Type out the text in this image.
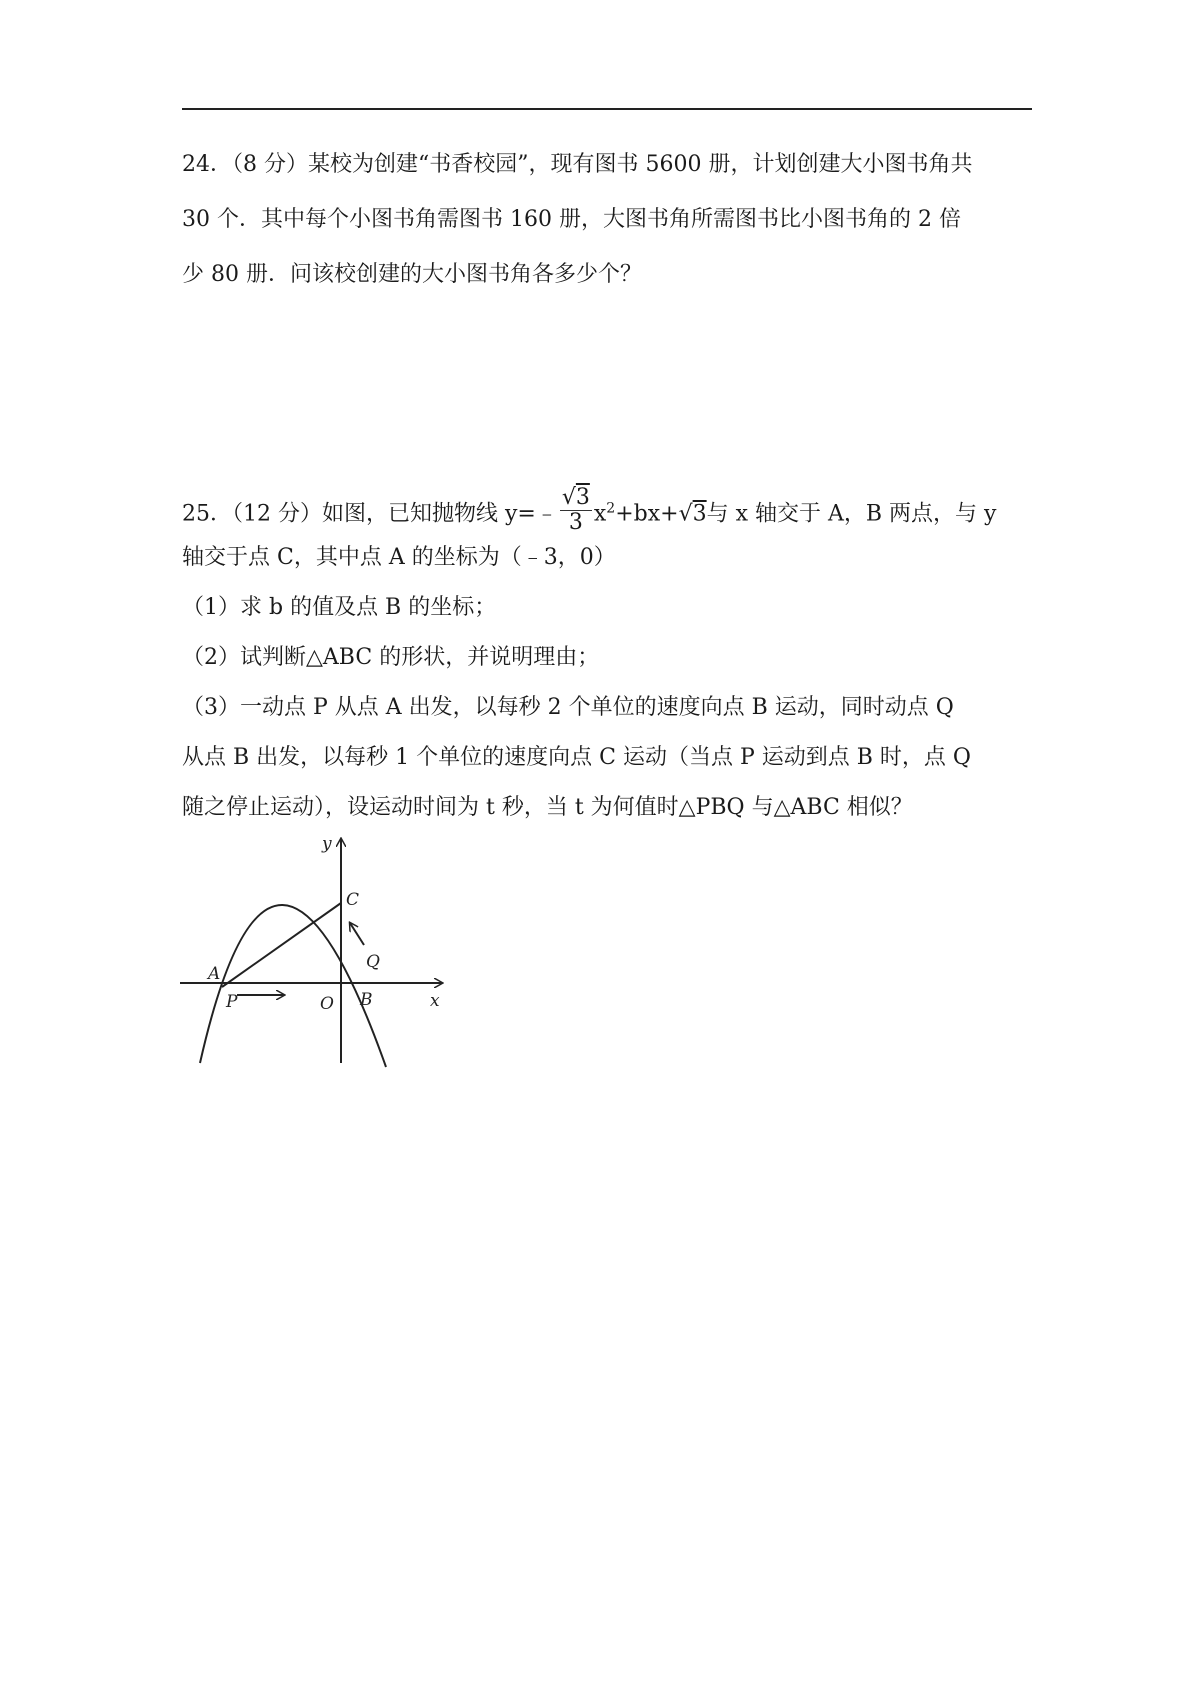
24．（8 分）某校为创建“书香校园”，现有图书 5600 册，计划创建大小图书角共
30 个．其中每个小图书角需图书 160 册，大图书角所需图书比小图书角的 2 倍
少 80 册．问该校创建的大小图书角各多少个？
25．（12 分）如图，已知抛物线 y=﹣ $\frac{√3}{3} x^2+bx+√3$与 x 轴交于 A，B 两点，与 y
轴交于点 C，其中点 A 的坐标为（﹣3，0）
（1）求 b 的值及点 B 的坐标；
（2）试判断△ABC 的形状，并说明理由；
（3）一动点 P 从点 A 出发，以每秒 2 个单位的速度向点 B 运动，同时动点 Q
从点 B 出发，以每秒 1 个单位的速度向点 C 运动（当点 P 运动到点 B 时，点 Q
随之停止运动），设运动时间为 t 秒，当 t 为何值时△PBQ 与△ABC 相似？
y
x
A
B
C
O
P
Q
